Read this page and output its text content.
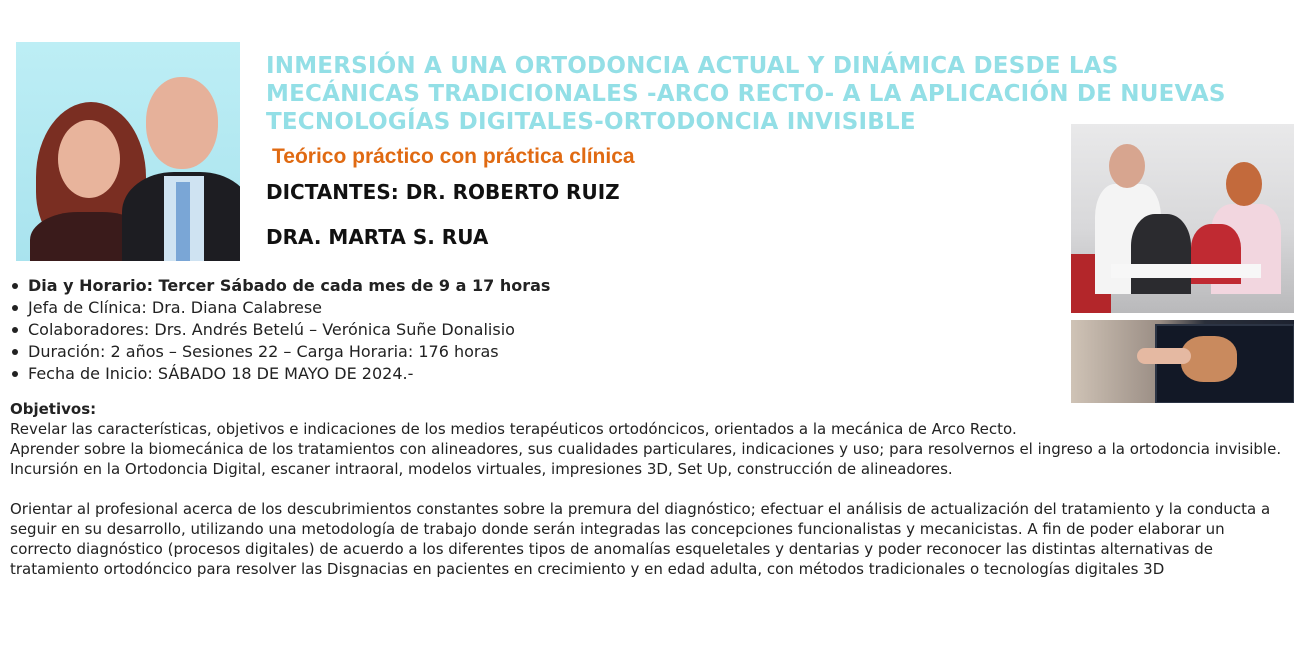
INMERSIÓN A UNA ORTODONCIA ACTUAL Y DINÁMICA DESDE LAS
MECÁNICAS TRADICIONALES -ARCO RECTO- A LA APLICACIÓN DE NUEVAS
TECNOLOGÍAS DIGITALES-ORTODONCIA INVISIBLE

Teórico práctico con práctica clínica

DICTANTES: DR. ROBERTO RUIZ

DRA. MARTA S. RUA

Dia y Horario: Tercer Sábado de cada mes de 9 a 17 horas
Jefa de Clínica: Dra. Diana Calabrese
Colaboradores: Drs. Andrés Betelú – Verónica Suñe Donalisio
Duración: 2 años – Sesiones 22 – Carga Horaria: 176 horas
Fecha de Inicio: SÁBADO 18 DE MAYO DE 2024.-

Objetivos:

Revelar las características, objetivos e indicaciones de los medios terapéuticos ortodóncicos, orientados a la mecánica de Arco Recto.

Aprender sobre la biomecánica de los tratamientos con alineadores, sus cualidades particulares, indicaciones y uso; para resolvernos el ingreso a la ortodoncia invisible.

Incursión en la Ortodoncia Digital, escaner intraoral, modelos virtuales, impresiones 3D, Set Up, construcción de alineadores.

Orientar al profesional acerca de los descubrimientos constantes sobre la premura del diagnóstico; efectuar el análisis de actualización del tratamiento y la conducta a seguir en su desarrollo, utilizando una metodología de trabajo donde serán integradas las concepciones funcionalistas y mecanicistas. A fin de poder elaborar un correcto diagnóstico (procesos digitales) de acuerdo a los diferentes tipos de anomalías esqueletales y dentarias y poder reconocer las distintas alternativas de tratamiento ortodóncico para resolver las Disgnacias en pacientes en crecimiento y en edad adulta, con métodos tradicionales o tecnologías digitales 3D
